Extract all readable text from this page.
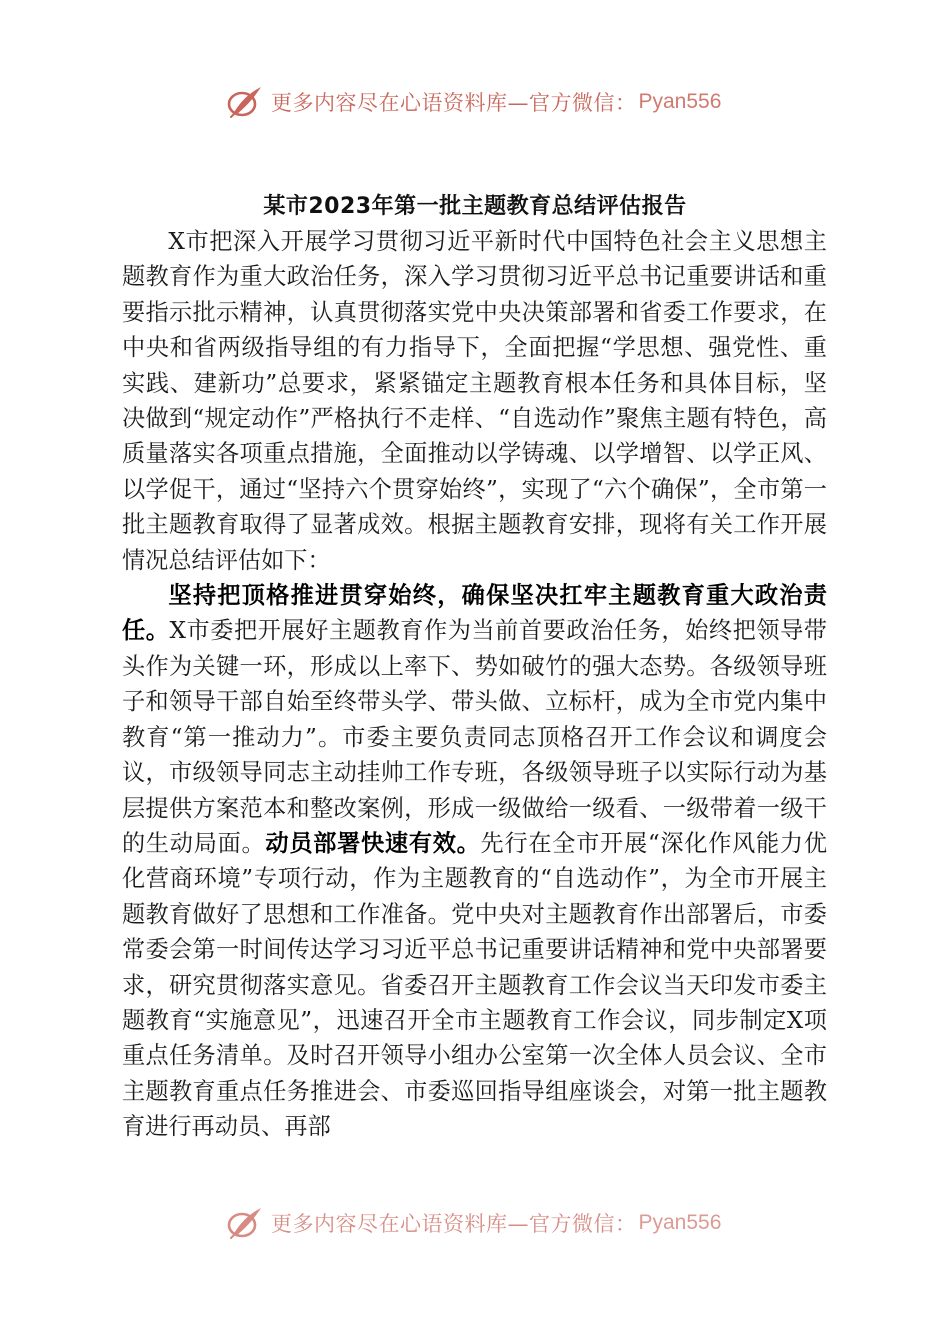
更多内容尽在心语资料库—官方微信： Pyan556
某市2023年第一批主题教育总结评估报告

X市把深入开展学习贯彻习近平新时代中国特色社会主义思想主题教育作为重大政治任务，深入学习贯彻习近平总书记重要讲话和重要指示批示精神，认真贯彻落实党中央决策部署和省委工作要求，在中央和省两级指导组的有力指导下，全面把握“学思想、强党性、重实践、建新功”总要求，紧紧锚定主题教育根本任务和具体目标，坚决做到“规定动作”严格执行不走样、“自选动作”聚焦主题有特色，高质量落实各项重点措施，全面推动以学铸魂、以学增智、以学正风、以学促干，通过“坚持六个贯穿始终”，实现了“六个确保”，全市第一批主题教育取得了显著成效。根据主题教育安排，现将有关工作开展情况总结评估如下：

坚持把顶格推进贯穿始终，确保坚决扛牢主题教育重大政治责任。X市委把开展好主题教育作为当前首要政治任务，始终把领导带头作为关键一环，形成以上率下、势如破竹的强大态势。各级领导班子和领导干部自始至终带头学、带头做、立标杆，成为全市党内集中教育“第一推动力”。市委主要负责同志顶格召开工作会议和调度会议，市级领导同志主动挂帅工作专班，各级领导班子以实际行动为基层提供方案范本和整改案例，形成一级做给一级看、一级带着一级干的生动局面。动员部署快速有效。先行在全市开展“深化作风能力优化营商环境”专项行动，作为主题教育的“自选动作”，为全市开展主题教育做好了思想和工作准备。党中央对主题教育作出部署后，市委常委会第一时间传达学习习近平总书记重要讲话精神和党中央部署要求，研究贯彻落实意见。省委召开主题教育工作会议当天印发市委主题教育“实施意见”，迅速召开全市主题教育工作会议，同步制定X项重点任务清单。及时召开领导小组办公室第一次全体人员会议、全市主题教育重点任务推进会、市委巡回指导组座谈会，对第一批主题教育进行再动员、再部

更多内容尽在心语资料库—官方微信： Pyan556
